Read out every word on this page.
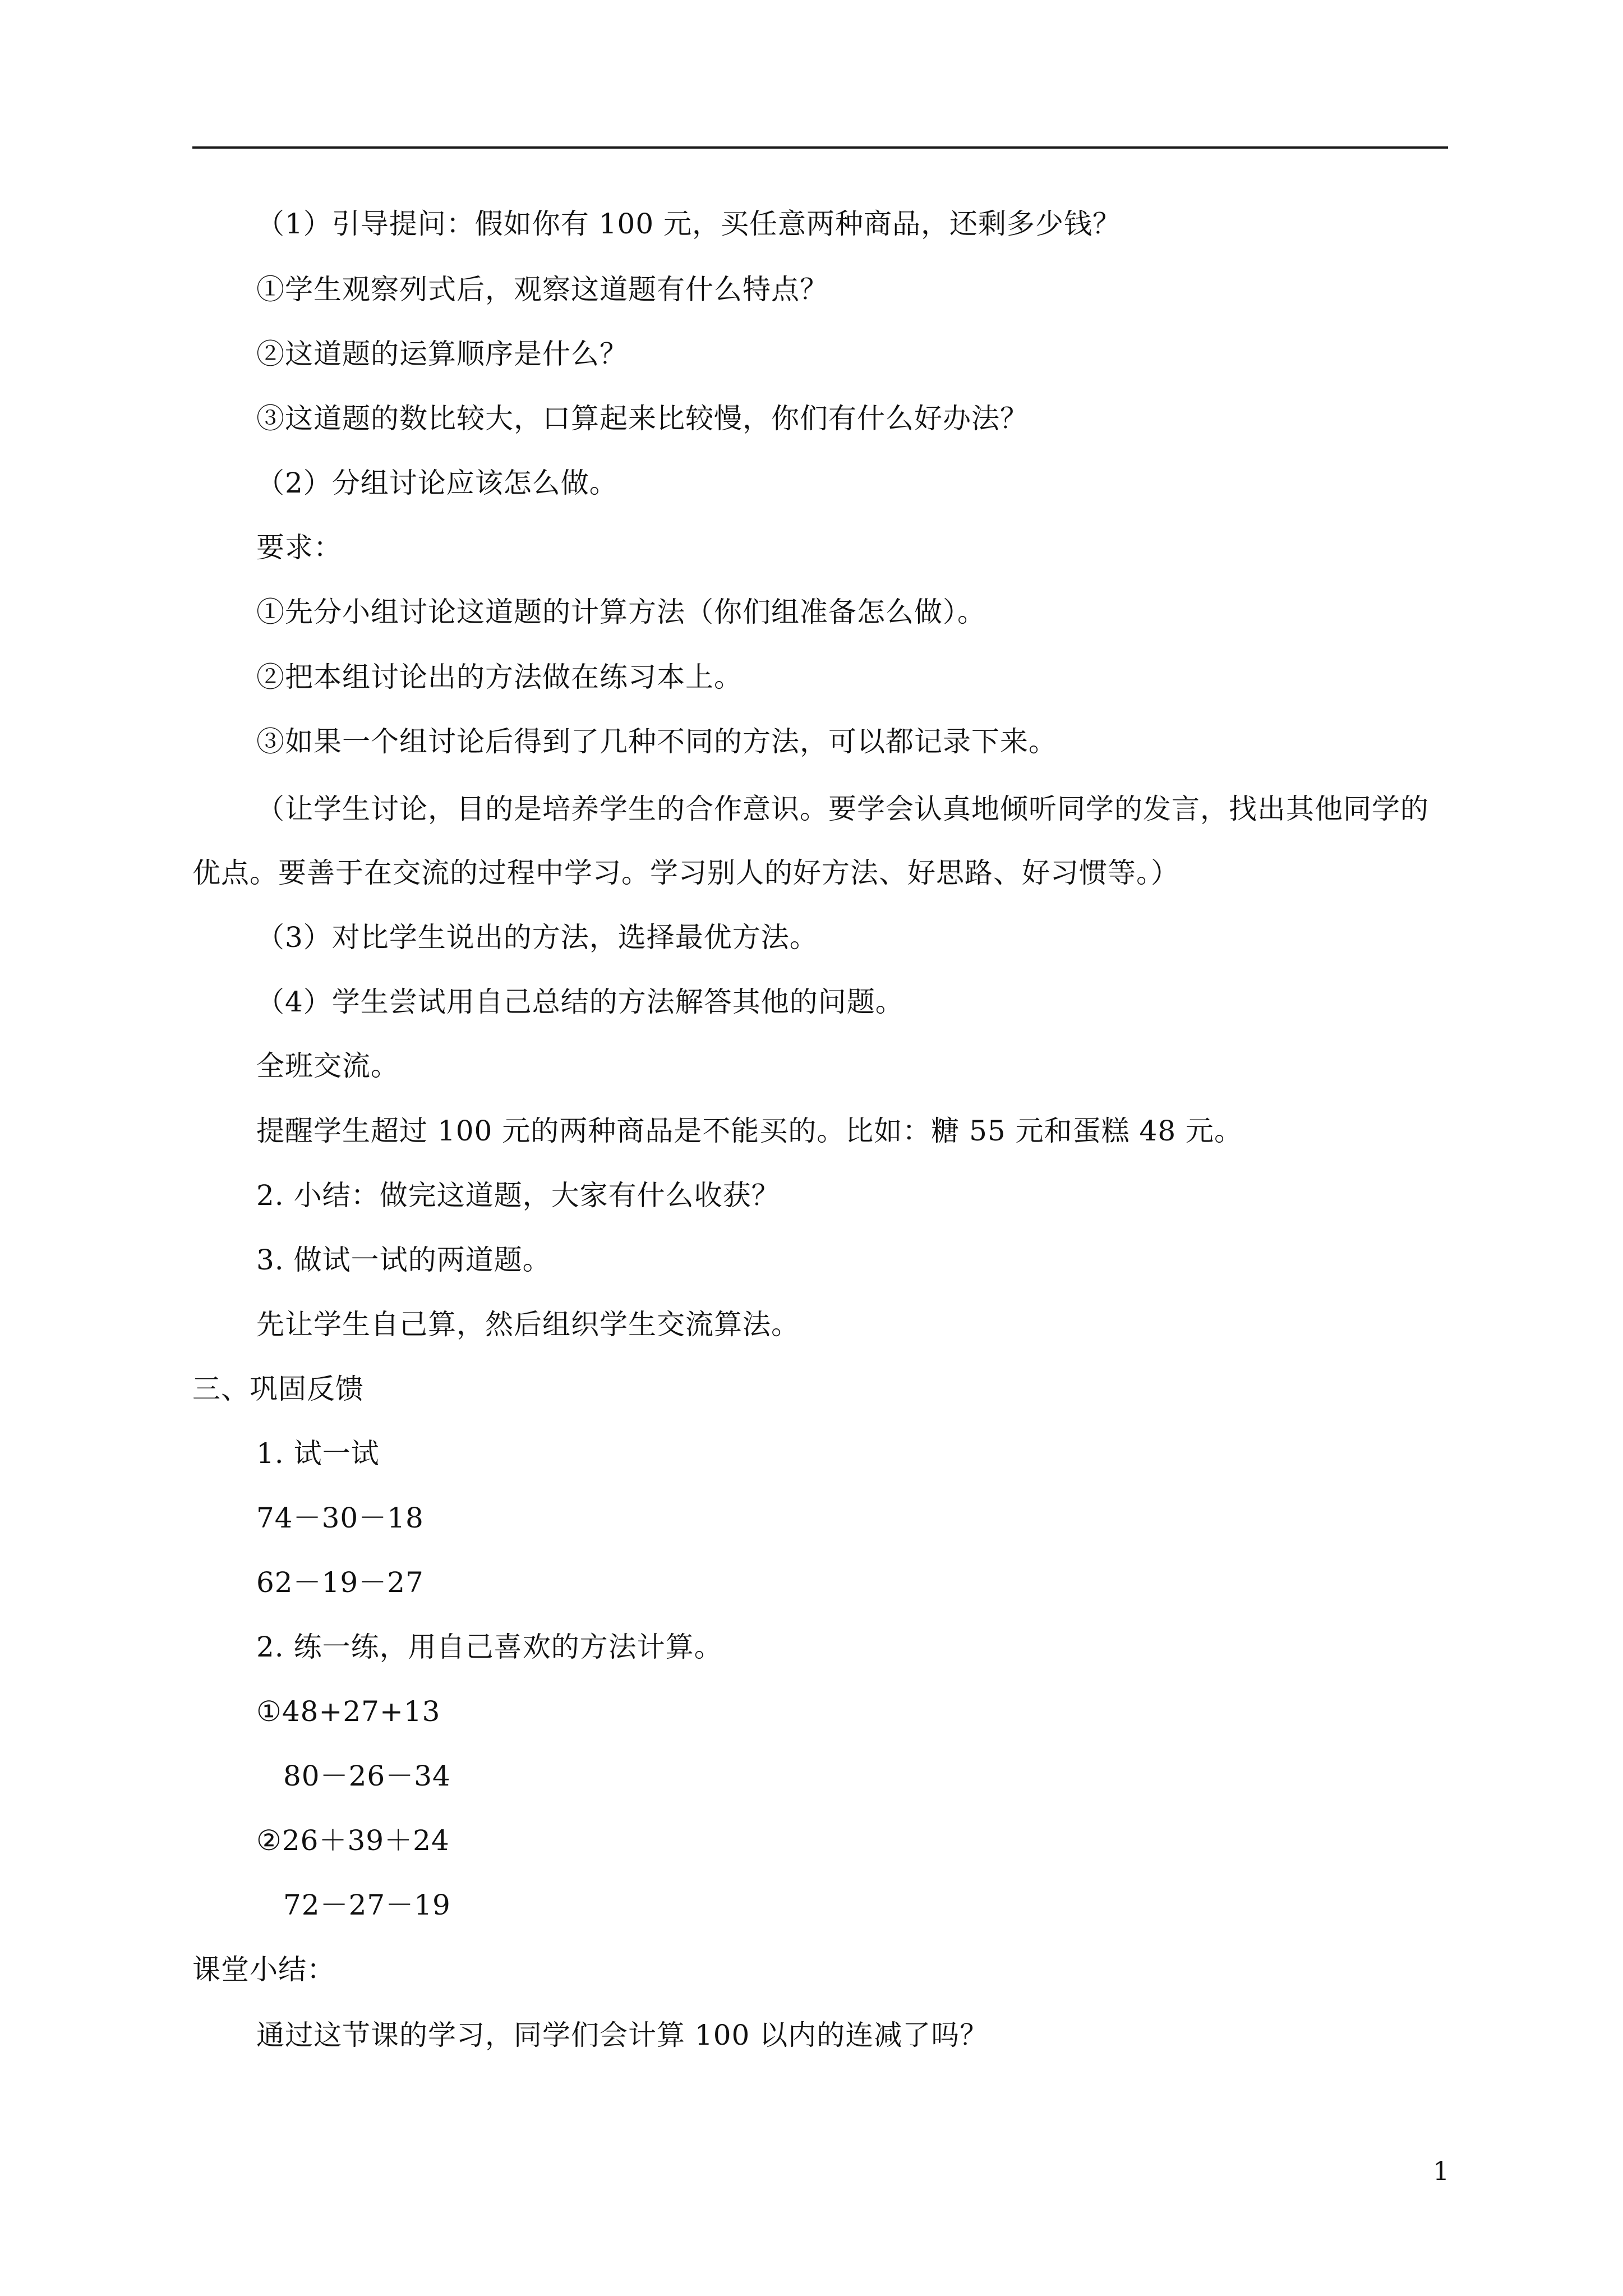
（1）引导提问：假如你有 100 元，买任意两种商品，还剩多少钱？
①学生观察列式后，观察这道题有什么特点？
②这道题的运算顺序是什么？
③这道题的数比较大，口算起来比较慢，你们有什么好办法？
（2）分组讨论应该怎么做。
要求：
①先分小组讨论这道题的计算方法（你们组准备怎么做）。
②把本组讨论出的方法做在练习本上。
③如果一个组讨论后得到了几种不同的方法，可以都记录下来。
（让学生讨论，目的是培养学生的合作意识。要学会认真地倾听同学的发言，找出其他同学的
优点。要善于在交流的过程中学习。学习别人的好方法、好思路、好习惯等。）
（3）对比学生说出的方法，选择最优方法。
（4）学生尝试用自己总结的方法解答其他的问题。
全班交流。
提醒学生超过 100 元的两种商品是不能买的。比如：糖 55 元和蛋糕 48 元。
2. 小结：做完这道题，大家有什么收获？
3. 做试一试的两道题。
先让学生自己算，然后组织学生交流算法。
三、巩固反馈
1. 试一试
74－30－18
62－19－27
2. 练一练，用自己喜欢的方法计算。
①48+27+13
80－26－34
②26＋39＋24
72－27－19
课堂小结：
通过这节课的学习，同学们会计算 100 以内的连减了吗？
1
